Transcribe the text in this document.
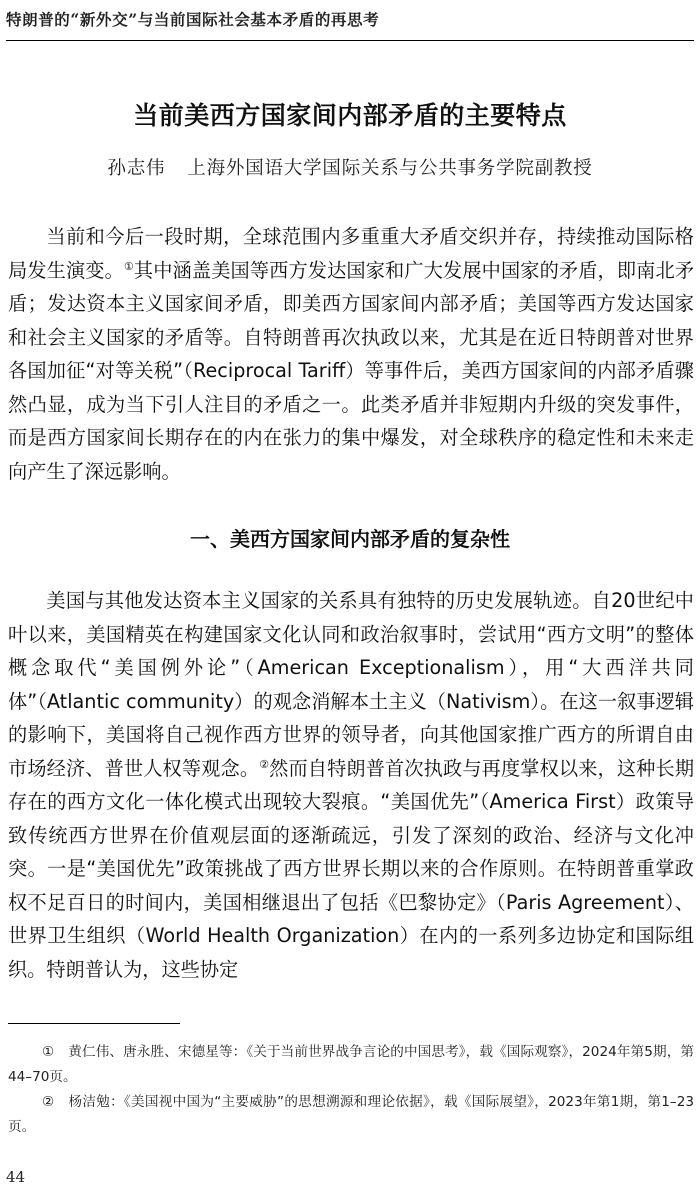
特朗普的“新外交”与当前国际社会基本矛盾的再思考
当前美西方国家间内部矛盾的主要特点
孙志伟 上海外国语大学国际关系与公共事务学院副教授

当前和今后一段时期，全球范围内多重重大矛盾交织并存，持续推动国际格局发生演变。①其中涵盖美国等西方发达国家和广大发展中国家的矛盾，即南北矛盾；发达资本主义国家间矛盾，即美西方国家间内部矛盾；美国等西方发达国家和社会主义国家的矛盾等。自特朗普再次执政以来，尤其是在近日特朗普对世界各国加征“对等关税”（Reciprocal Tariff）等事件后，美西方国家间的内部矛盾骤然凸显，成为当下引人注目的矛盾之一。此类矛盾并非短期内升级的突发事件，而是西方国家间长期存在的内在张力的集中爆发，对全球秩序的稳定性和未来走向产生了深远影响。

一、美西方国家间内部矛盾的复杂性

美国与其他发达资本主义国家的关系具有独特的历史发展轨迹。自20世纪中叶以来，美国精英在构建国家文化认同和政治叙事时，尝试用“西方文明”的整体概念取代“美国例外论”（American Exceptionalism），用“大西洋共同体”（Atlantic community）的观念消解本土主义（Nativism）。在这一叙事逻辑的影响下，美国将自己视作西方世界的领导者，向其他国家推广西方的所谓自由市场经济、普世人权等观念。②然而自特朗普首次执政与再度掌权以来，这种长期存在的西方文化一体化模式出现较大裂痕。“美国优先”（America First）政策导致传统西方世界在价值观层面的逐渐疏远，引发了深刻的政治、经济与文化冲突。一是“美国优先”政策挑战了西方世界长期以来的合作原则。在特朗普重掌政权不足百日的时间内，美国相继退出了包括《巴黎协定》（Paris Agreement）、世界卫生组织（World Health Organization）在内的一系列多边协定和国际组织。特朗普认为，这些协定

① 黄仁伟、唐永胜、宋德星等：《关于当前世界战争言论的中国思考》，载《国际观察》，2024年第5期，第44–70页。

② 杨洁勉：《美国视中国为“主要威胁”的思想溯源和理论依据》，载《国际展望》，2023年第1期，第1–23页。

44
